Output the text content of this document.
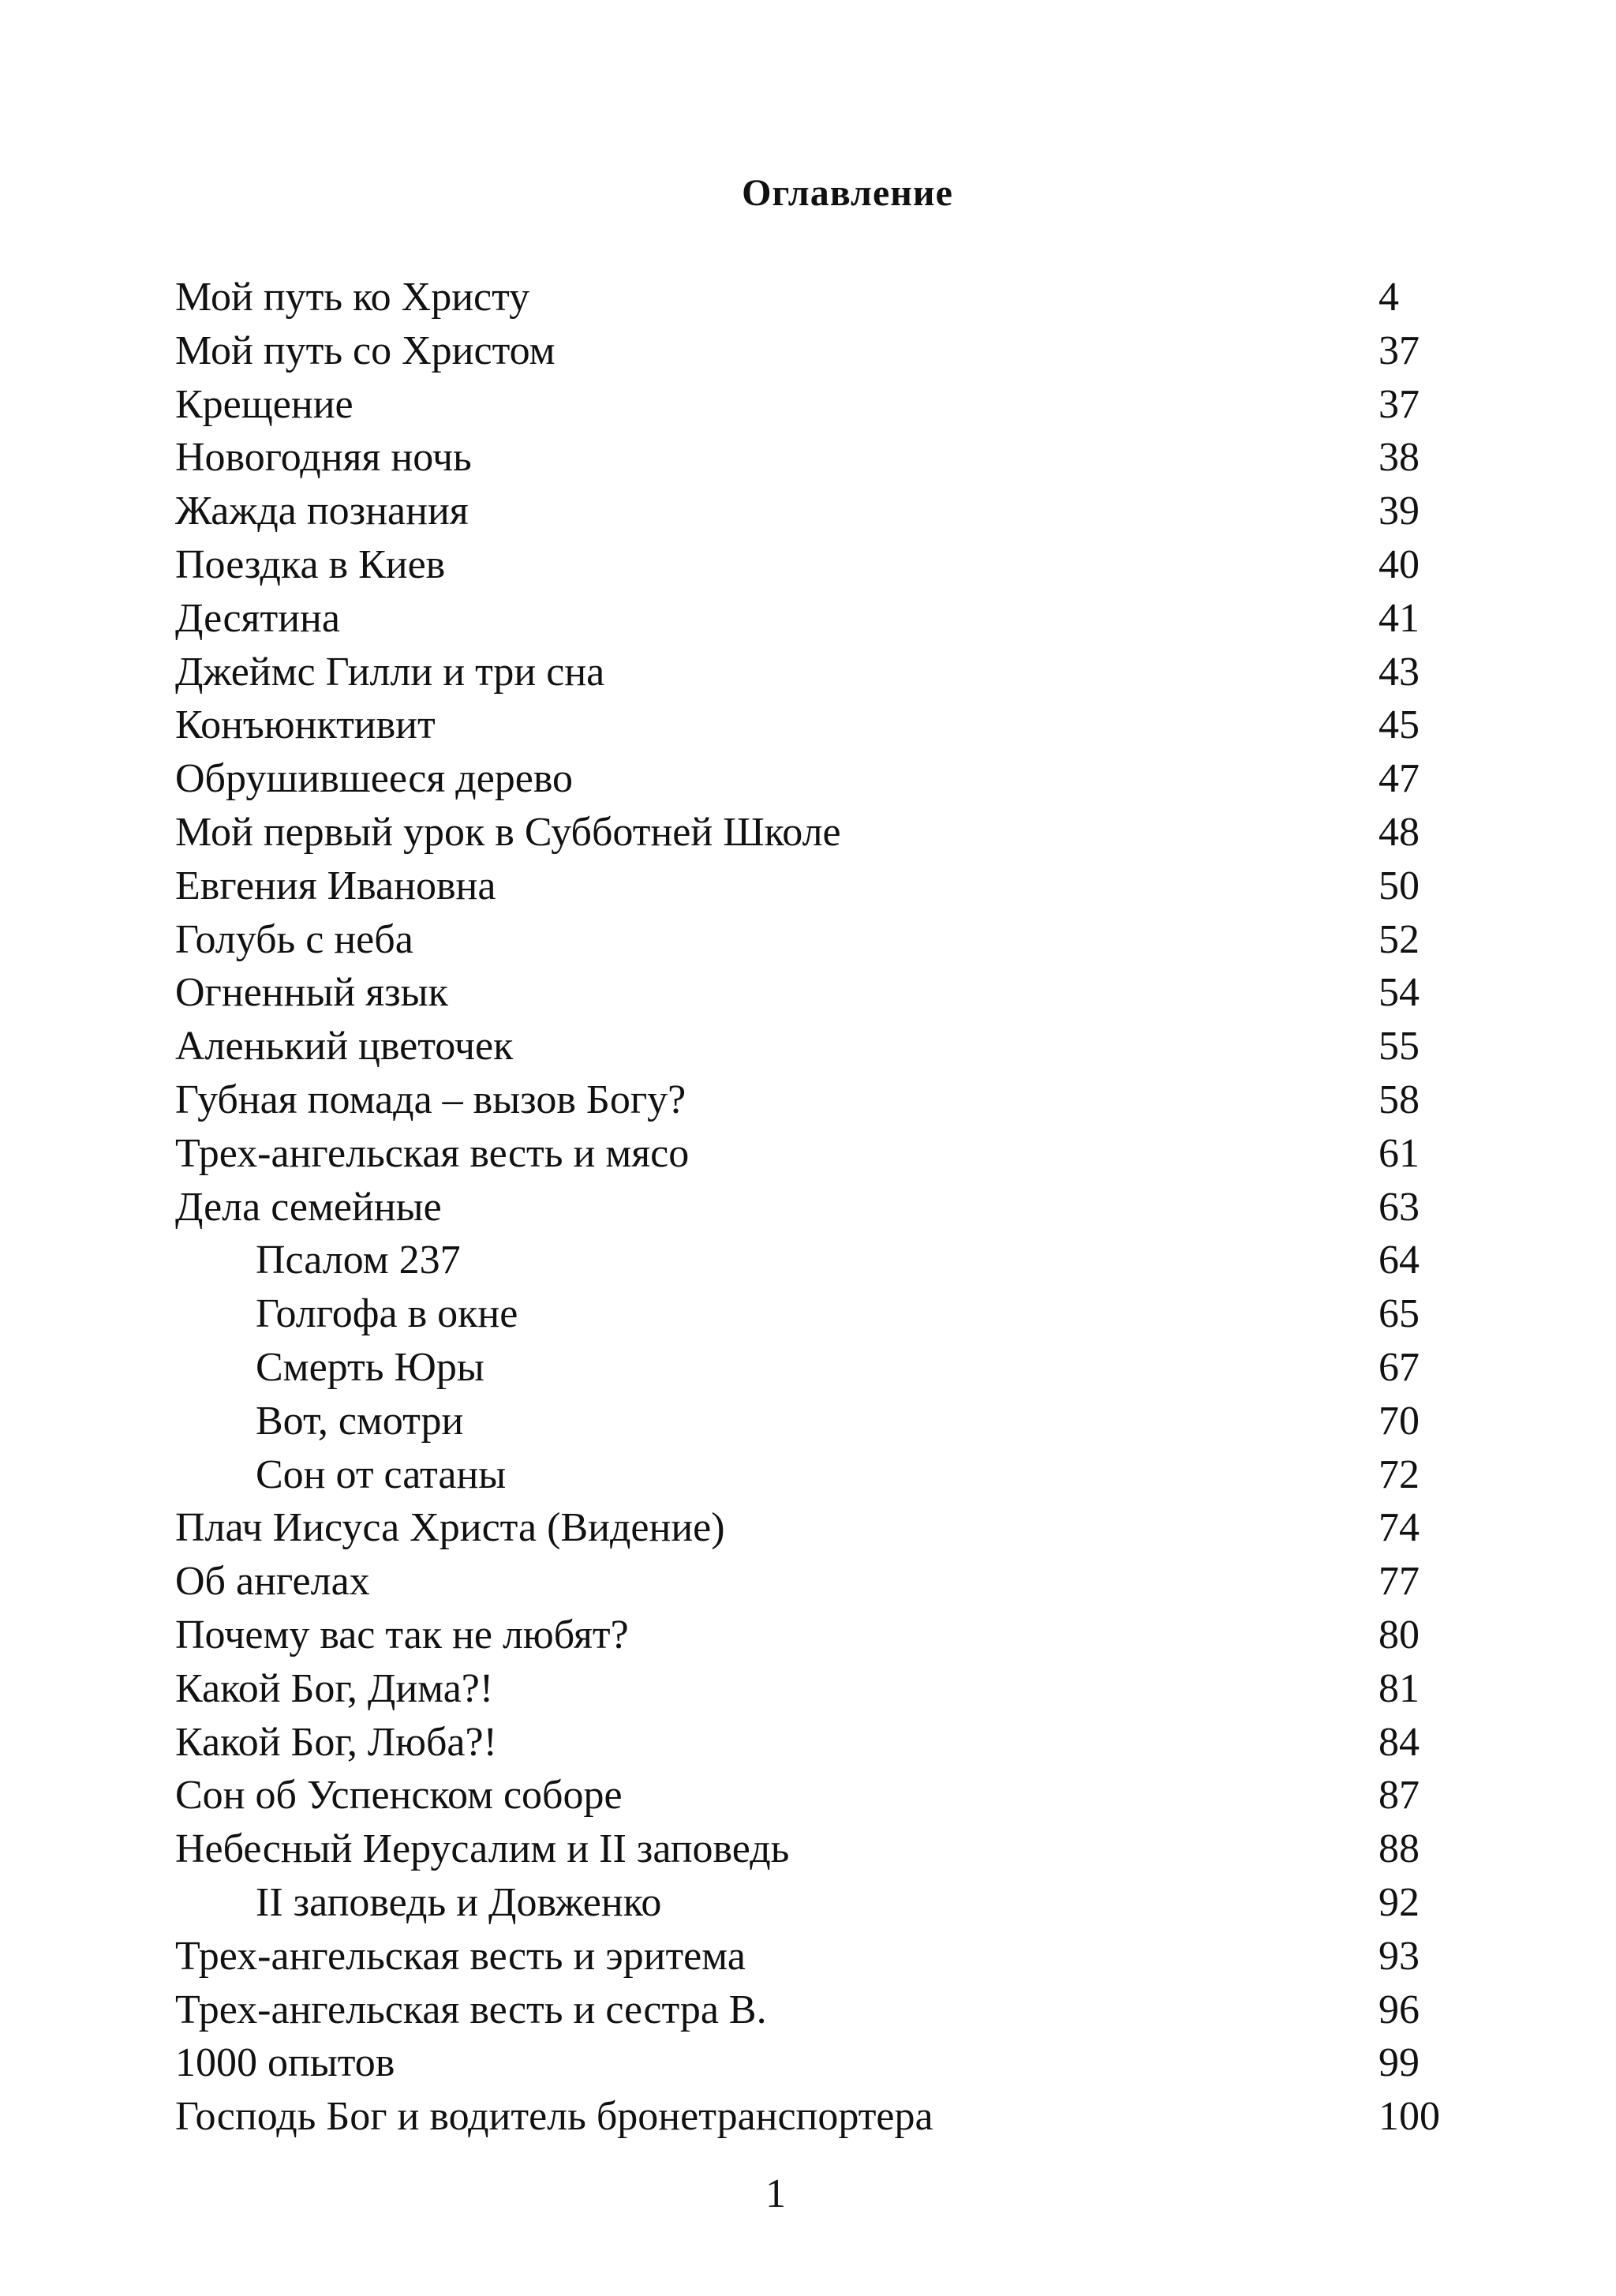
Оглавление
Мой путь ко Христу	4
Мой путь со Христом	37
Крещение	37
Новогодняя ночь	38
Жажда познания	39
Поездка в Киев	40
Десятина	41
Джеймс Гилли и три сна	43
Конъюнктивит	45
Обрушившееся дерево	47
Мой первый урок в Субботней Школе	48
Евгения Ивановна	50
Голубь с неба	52
Огненный язык	54
Аленький цветочек	55
Губная помада – вызов Богу?	58
Трех-ангельская весть и мясо	61
Дела семейные	63
Псалом 237	64
Голгофа в окне	65
Смерть Юры	67
Вот, смотри	70
Сон от сатаны	72
Плач Иисуса Христа (Видение)	74
Об ангелах	77
Почему вас так не любят?	80
Какой Бог, Дима?!	81
Какой Бог, Люба?!	84
Сон об Успенском соборе	87
Небесный Иерусалим и II заповедь	88
II заповедь и Довженко	92
Трех-ангельская весть и эритема	93
Трех-ангельская весть и сестра В.	96
1000 опытов	99
Господь Бог и водитель бронетранспортера	100
1
